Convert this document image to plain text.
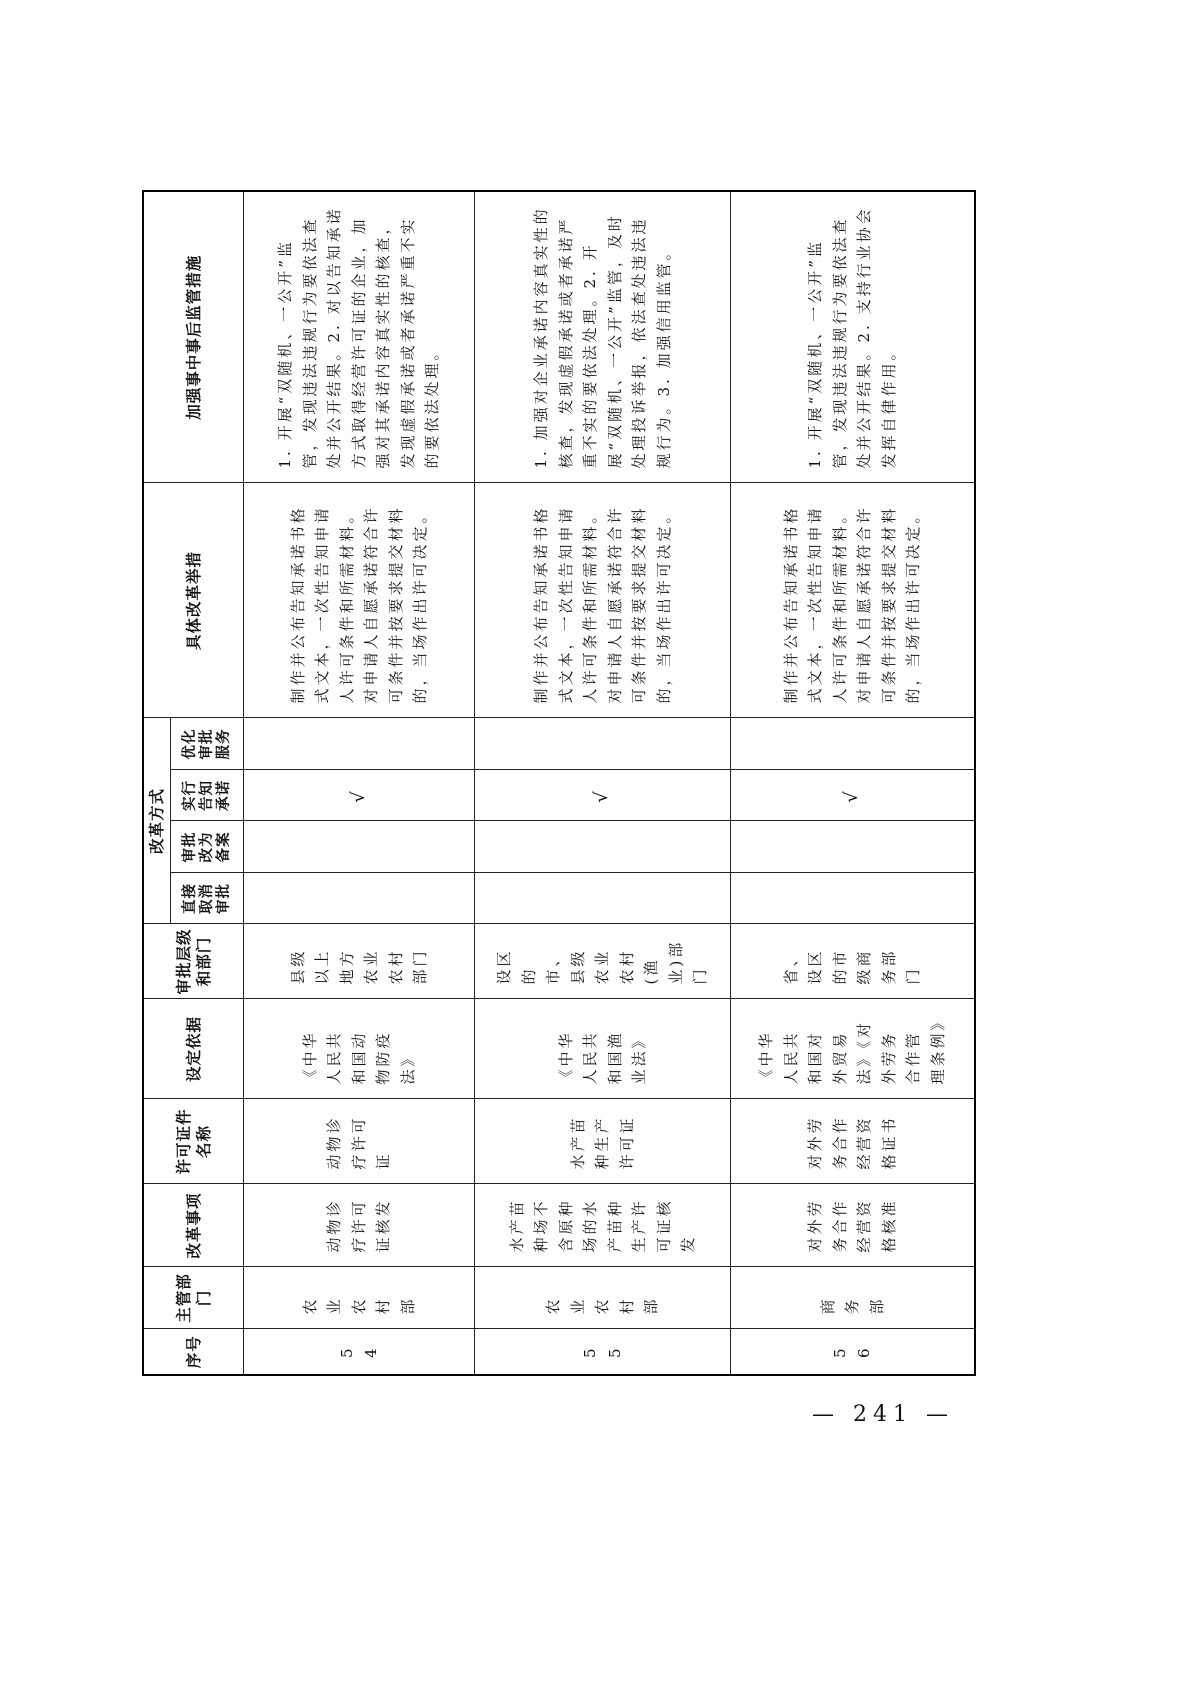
序号	主管部门	改革事项	许可证件名称	设定依据	审批层级和部门	改革方式				具体改革举措	加强事中事后监管措施
						直接取消审批	审批改为备案	实行告知承诺	优化审批服务		
54	农业农村部	动物诊疗许可证核发	动物诊疗许可证	《中华人民共和国动物防疫法》	县级以上地方农业农村部门			√		制作并公布告知承诺书格式文本，一次性告知申请人许可条件和所需材料。对申请人自愿承诺符合许可条件并按要求提交材料的，当场作出许可决定。	1. 开展“双随机、一公开”监管，发现违法违规行为要依法查处并公开结果。2. 对以告知承诺方式取得经营许可证的企业，加强对其承诺内容真实性的核查，发现虚假承诺或者承诺严重不实的要依法处理。
55	农业农村部	水产苗种场不含原种场的水产苗种生产许可证核发	水产苗种生产许可证	《中华人民共和国渔业法》	设区的市、县级农业农村(渔业)部门			√		制作并公布告知承诺书格式文本，一次性告知申请人许可条件和所需材料。对申请人自愿承诺符合许可条件并按要求提交材料的，当场作出许可决定。	1. 加强对企业承诺内容真实性的核查，发现虚假承诺或者承诺严重不实的要依法处理。2. 开展“双随机、一公开”监管，及时处理投诉举报，依法查处违法违规行为。3. 加强信用监管。
56	商务部	对外劳务合作经营资格核准	对外劳务合作经营资格证书	《中华人民共和国对外贸易法》《对外劳务合作管理条例》	省、设区的市级商务部门			√		制作并公布告知承诺书格式文本，一次性告知申请人许可条件和所需材料。对申请人自愿承诺符合许可条件并按要求提交材料的，当场作出许可决定。	1. 开展“双随机、一公开”监管，发现违法违规行为要依法查处并公开结果。2. 支持行业协会发挥自律作用。
— 241 —
